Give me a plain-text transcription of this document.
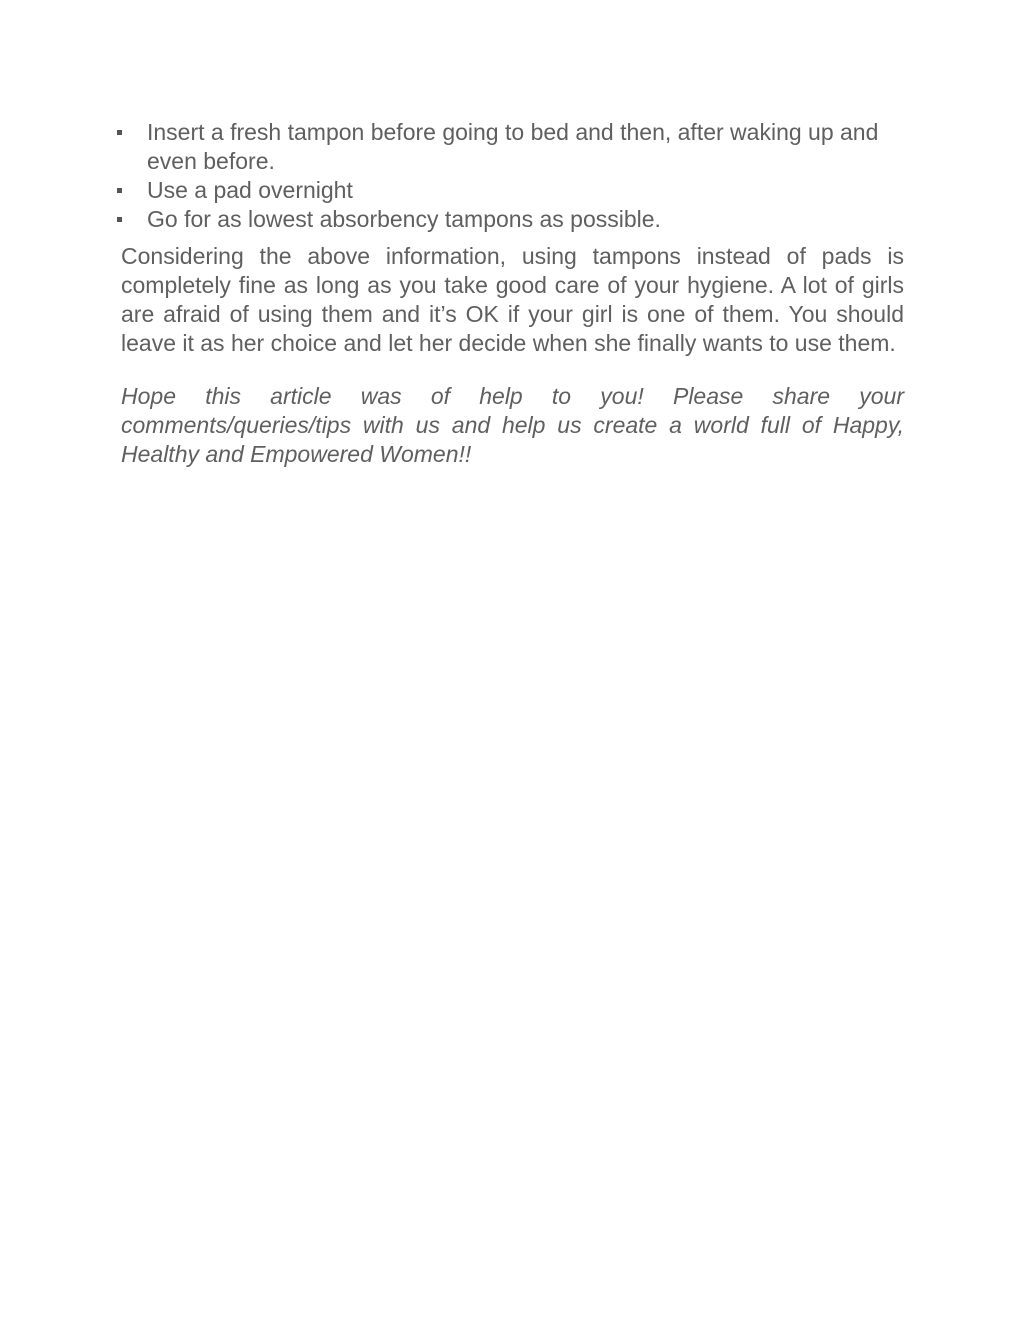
Insert a fresh tampon before going to bed and then, after waking up and even before.
Use a pad overnight
Go for as lowest absorbency tampons as possible.

Considering the above information, using tampons instead of pads is completely fine as long as you take good care of your hygiene. A lot of girls are afraid of using them and it’s OK if your girl is one of them. You should leave it as her choice and let her decide when she finally wants to use them.

Hope this article was of help to you! Please share your comments/queries/tips with us and help us create a world full of Happy, Healthy and Empowered Women!!
